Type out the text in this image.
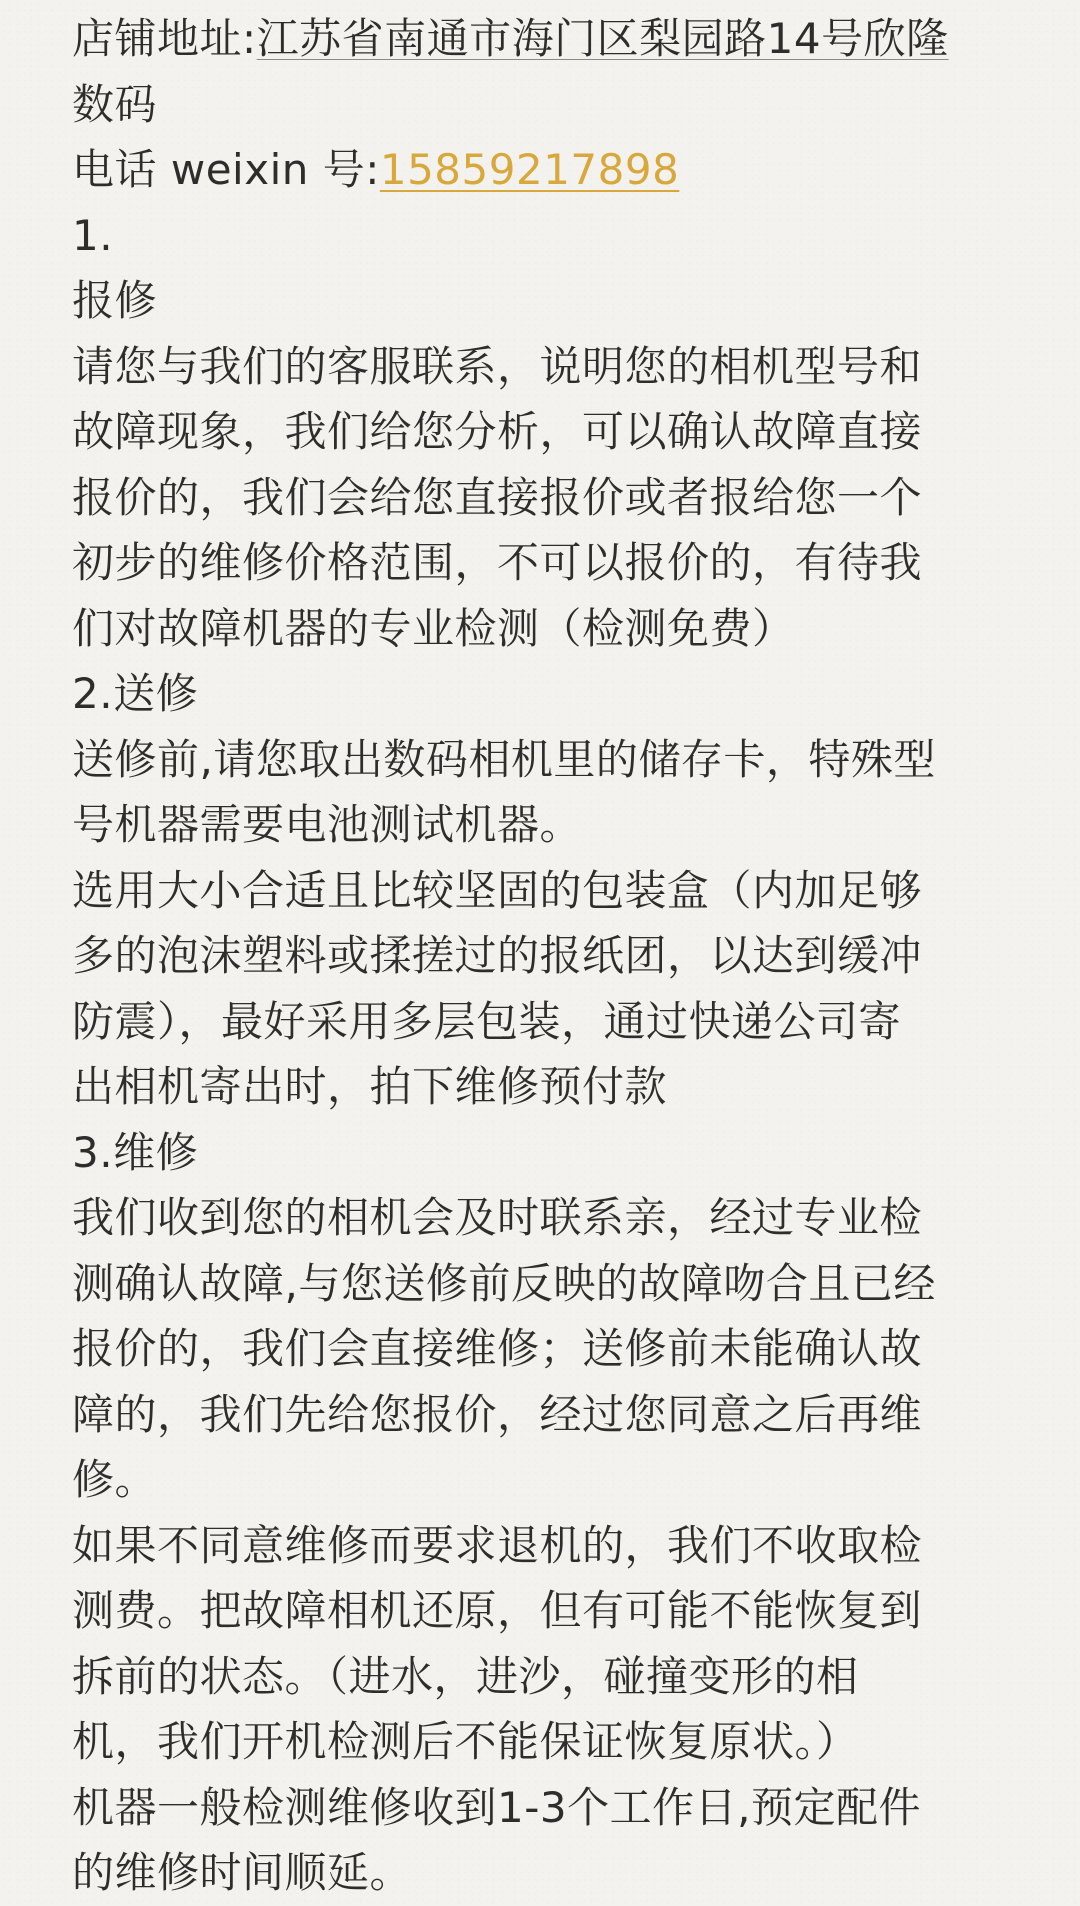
店铺地址:江苏省南通市海门区梨园路14号欣隆
数码
电话 weixin 号:15859217898
1.
报修
请您与我们的客服联系，说明您的相机型号和
故障现象，我们给您分析，可以确认故障直接
报价的，我们会给您直接报价或者报给您一个
初步的维修价格范围，不可以报价的，有待我
们对故障机器的专业检测（检测免费）
2.送修
送修前,请您取出数码相机里的储存卡，特殊型
号机器需要电池测试机器。
选用大小合适且比较坚固的包装盒（内加足够
多的泡沫塑料或揉搓过的报纸团，以达到缓冲
防震），最好采用多层包装，通过快递公司寄
出相机寄出时，拍下维修预付款
3.维修
我们收到您的相机会及时联系亲，经过专业检
测确认故障,与您送修前反映的故障吻合且已经
报价的，我们会直接维修；送修前未能确认故
障的，我们先给您报价，经过您同意之后再维
修。
如果不同意维修而要求退机的，我们不收取检
测费。把故障相机还原，但有可能不能恢复到
拆前的状态。（进水，进沙，碰撞变形的相
机，我们开机检测后不能保证恢复原状。）
机器一般检测维修收到1-3个工作日,预定配件
的维修时间顺延。
